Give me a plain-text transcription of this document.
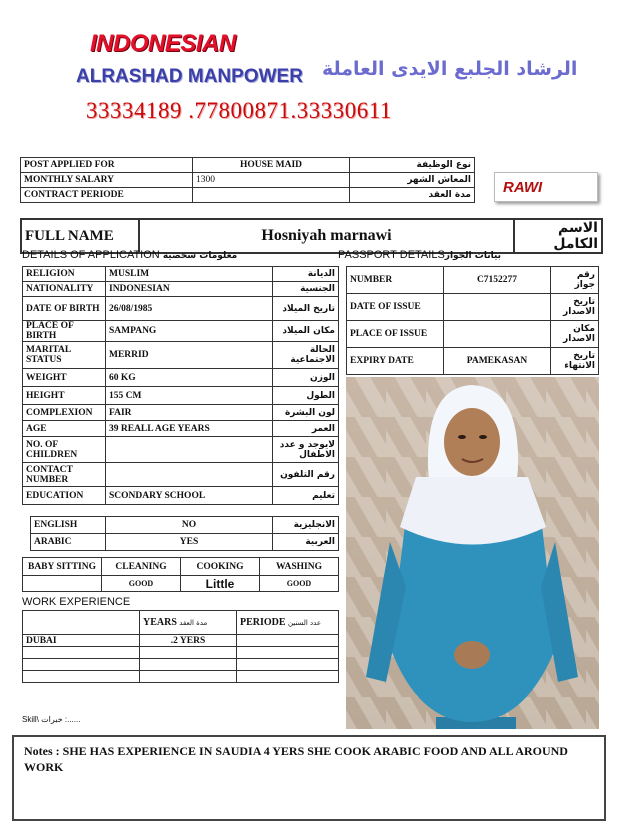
INDONESIAN
ALRASHAD MANPOWER الرشاد الجلبع الايدى العاملة
33334189 .77800871.33330611
POST APPLIED FOR	HOUSE MAID	نوع الوظيفة
MONTHLY SALARY	1300	المعاش الشهر
CONTRACT PERIODE		مدة العقد	RAWI
FULL NAME	Hosniyah marnawi	الاسم الكامل
DETAILS OF APPLICATION معلومات شخصية	PASSPORT DETAILSبيانات الجواز
RELIGION	MUSLIM	الديانة
NATIONALITY	INDONESIAN	الجنسية
DATE OF BIRTH	26/08/1985	تاريخ الميلاد
PLACE OF BIRTH	SAMPANG	مكان الميلاد
MARITAL STATUS	MERRID	الحالة الاجتماعية
WEIGHT	60 KG	الوزن
HEIGHT	155 CM	الطول
COMPLEXION	FAIR	لون البشرة
AGE	39 REALL AGE YEARS	العمر
NO. OF CHILDREN		لايوجد و عدد الاطفال
CONTACT NUMBER		رقم التلفون
EDUCATION	SCONDARY SCHOOL	تعليم
ENGLISH	NO	الانجليزية
ARABIC	YES	العربية
NUMBER	C7152277	رقم جواز
DATE OF ISSUE		تاريخ الاصدار
PLACE OF ISSUE		مكان الاصدار
EXPIRY DATE	PAMEKASAN	تاريخ الانتهاء
BABY SITTING	CLEANING	COOKING	WASHING
	GOOD	Little	GOOD
WORK EXPERIENCE
	YEARS مدة العقد	PERIODE عدد السنين
DUBAI	.2 YERS	

Skill\ خبرات :......
Notes : SHE HAS EXPERIENCE IN SAUDIA 4 YERS SHE COOK ARABIC FOOD AND ALL AROUND WORK
